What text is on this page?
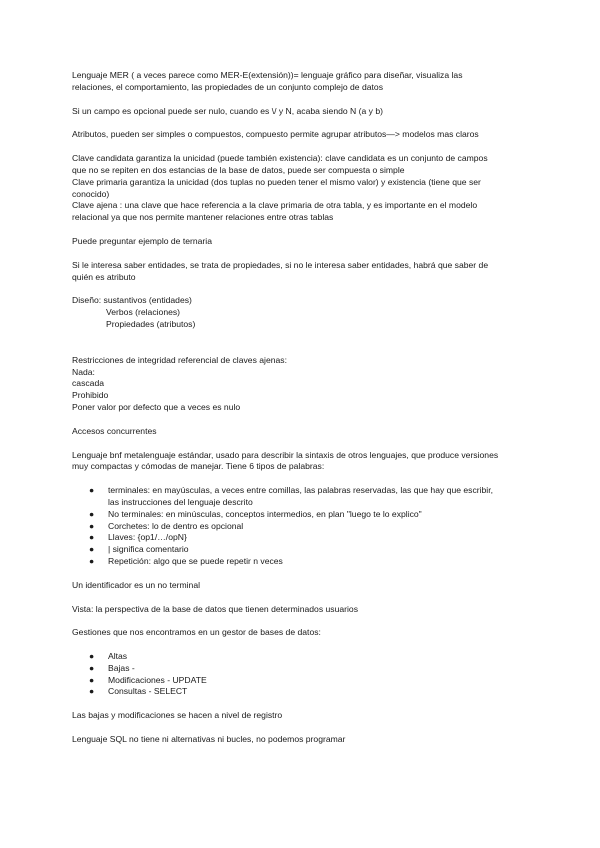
Lenguaje MER ( a veces parece como MER-E(extensión))= lenguaje gráfico para diseñar, visualiza las
relaciones, el comportamiento, las propiedades de un conjunto complejo de datos

Si un campo es opcional puede ser nulo, cuando es \/ y N, acaba siendo N (a y b)

Atributos, pueden ser simples o compuestos, compuesto permite agrupar atributos—> modelos mas claros

Clave candidata garantiza la unicidad (puede también existencia): clave candidata es un conjunto de campos
que no se repiten en dos estancias de la base de datos, puede ser compuesta o simple
Clave primaria garantiza la unicidad (dos tuplas no pueden tener el mismo valor) y existencia (tiene que ser
conocido)
Clave ajena : una clave que hace referencia a la clave primaria de otra tabla, y es importante en el modelo
relacional ya que nos permite mantener relaciones entre otras tablas

Puede preguntar ejemplo de ternaria

Si le interesa saber entidades, se trata de propiedades, si no le interesa saber entidades, habrá que saber de
quién es atributo

Diseño: sustantivos (entidades)
Verbos (relaciones)
Propiedades (atributos)

Restricciones de integridad referencial de claves ajenas:
Nada:
cascada
Prohibido
Poner valor por defecto que a veces es nulo

Accesos concurrentes

Lenguaje bnf metalenguaje estándar, usado para describir la sintaxis de otros lenguajes, que produce versiones
muy compactas y cómodas de manejar. Tiene 6 tipos de palabras:

● terminales: en mayúsculas, a veces entre comillas, las palabras reservadas, las que hay que escribir,
las instrucciones del lenguaje descrito
● No terminales: en minúsculas, conceptos intermedios, en plan "luego te lo explico"
● Corchetes: lo de dentro es opcional
● Llaves: {op1/…/opN}
● | significa comentario
● Repetición: algo que se puede repetir n veces

Un identificador es un no terminal

Vista: la perspectiva de la base de datos que tienen determinados usuarios

Gestiones que nos encontramos en un gestor de bases de datos:

● Altas
● Bajas -
● Modificaciones - UPDATE
● Consultas - SELECT

Las bajas y modificaciones se hacen a nivel de registro

Lenguaje SQL no tiene ni alternativas ni bucles, no podemos programar
